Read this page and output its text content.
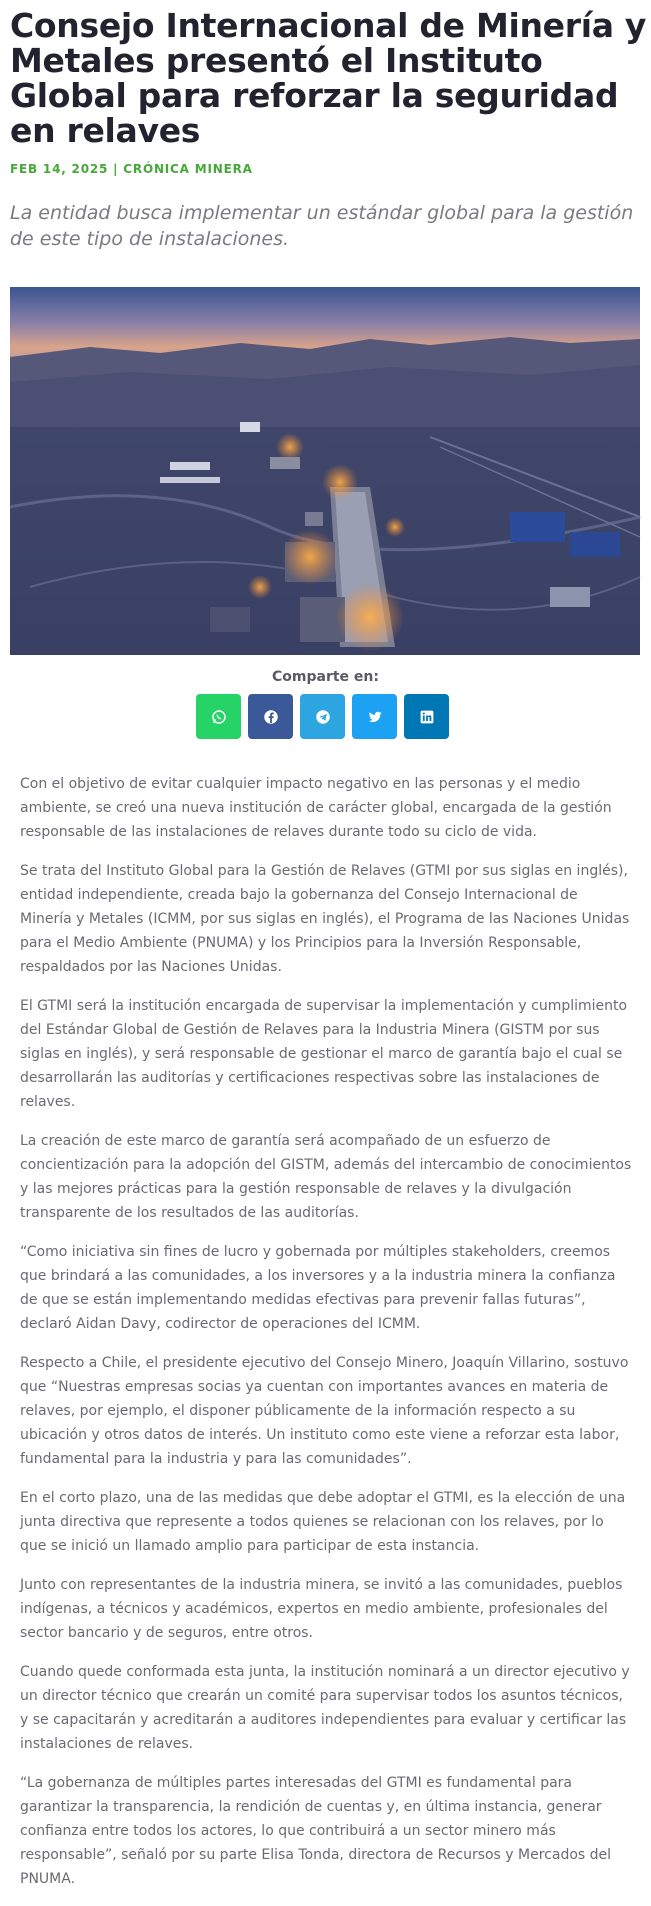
Consejo Internacional de Minería y Metales presentó el Instituto Global para reforzar la seguridad en relaves
FEB 14, 2025 | CRÓNICA MINERA
La entidad busca implementar un estándar global para la gestión de este tipo de instalaciones.
Comparte en:

Con el objetivo de evitar cualquier impacto negativo en las personas y el medio ambiente, se creó una nueva institución de carácter global, encargada de la gestión responsable de las instalaciones de relaves durante todo su ciclo de vida.

Se trata del Instituto Global para la Gestión de Relaves (GTMI por sus siglas en inglés), entidad independiente, creada bajo la gobernanza del Consejo Internacional de Minería y Metales (ICMM, por sus siglas en inglés), el Programa de las Naciones Unidas para el Medio Ambiente (PNUMA) y los Principios para la Inversión Responsable, respaldados por las Naciones Unidas.

El GTMI será la institución encargada de supervisar la implementación y cumplimiento del Estándar Global de Gestión de Relaves para la Industria Minera (GISTM por sus siglas en inglés), y será responsable de gestionar el marco de garantía bajo el cual se desarrollarán las auditorías y certificaciones respectivas sobre las instalaciones de relaves.

La creación de este marco de garantía será acompañado de un esfuerzo de concientización para la adopción del GISTM, además del intercambio de conocimientos y las mejores prácticas para la gestión responsable de relaves y la divulgación transparente de los resultados de las auditorías.

“Como iniciativa sin fines de lucro y gobernada por múltiples stakeholders, creemos que brindará a las comunidades, a los inversores y a la industria minera la confianza de que se están implementando medidas efectivas para prevenir fallas futuras”, declaró Aidan Davy, codirector de operaciones del ICMM.

Respecto a Chile, el presidente ejecutivo del Consejo Minero, Joaquín Villarino, sostuvo que “Nuestras empresas socias ya cuentan con importantes avances en materia de relaves, por ejemplo, el disponer públicamente de la información respecto a su ubicación y otros datos de interés. Un instituto como este viene a reforzar esta labor, fundamental para la industria y para las comunidades”.

En el corto plazo, una de las medidas que debe adoptar el GTMI, es la elección de una junta directiva que represente a todos quienes se relacionan con los relaves, por lo que se inició un llamado amplio para participar de esta instancia.

Junto con representantes de la industria minera, se invitó a las comunidades, pueblos indígenas, a técnicos y académicos, expertos en medio ambiente, profesionales del sector bancario y de seguros, entre otros.

Cuando quede conformada esta junta, la institución nominará a un director ejecutivo y un director técnico que crearán un comité para supervisar todos los asuntos técnicos, y se capacitarán y acreditarán a auditores independientes para evaluar y certificar las instalaciones de relaves.

“La gobernanza de múltiples partes interesadas del GTMI es fundamental para garantizar la transparencia, la rendición de cuentas y, en última instancia, generar confianza entre todos los actores, lo que contribuirá a un sector minero más responsable”, señaló por su parte Elisa Tonda, directora de Recursos y Mercados del PNUMA.
